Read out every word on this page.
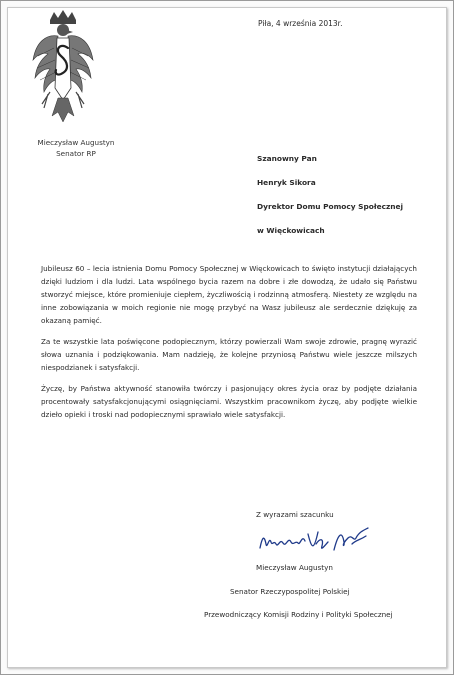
Mieczysław Augustyn
Senator RP
Piła, 4 września 2013r.
Szanowny Pan
Henryk Sikora
Dyrektor Domu Pomocy Społecznej
w Więckowicach
Jubileusz 60 – lecia istnienia Domu Pomocy Społecznej w Więckowicach to święto instytucji działających dzięki ludziom i dla ludzi. Lata wspólnego bycia razem na dobre i złe dowodzą, że udało się Państwu stworzyć miejsce, które promieniuje ciepłem, życzliwością i rodzinną atmosferą. Niestety ze względu na inne zobowiązania w moich regionie nie mogę przybyć na Wasz jubileusz ale serdecznie dziękuję za okazaną pamięć.
Za te wszystkie lata poświęcone podopiecznym, którzy powierzali Wam swoje zdrowie, pragnę wyrazić słowa uznania i podziękowania. Mam nadzieję, że kolejne przyniosą Państwu wiele jeszcze milszych niespodzianek i satysfakcji.
Życzę, by Państwa aktywność stanowiła twórczy i pasjonujący okres życia oraz by podjęte działania procentowały satysfakcjonującymi osiągnięciami. Wszystkim pracownikom życzę, aby podjęte wielkie dzieło opieki i troski nad podopiecznymi sprawiało wiele satysfakcji.
Z wyrazami szacunku
Mieczysław Augustyn
Senator Rzeczypospolitej Polskiej
Przewodniczący Komisji Rodziny i Polityki Społecznej
